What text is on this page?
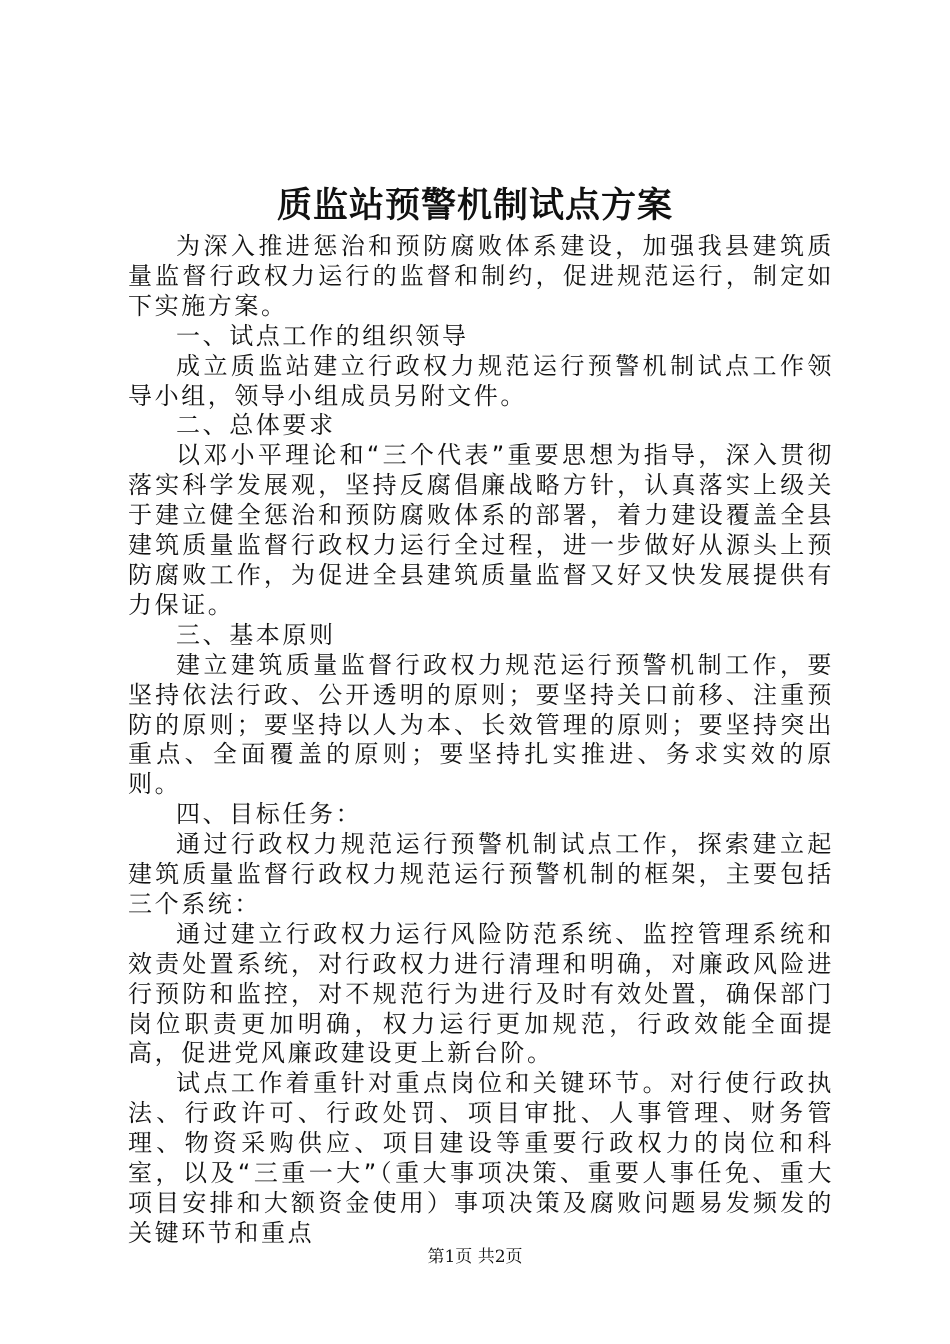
质监站预警机制试点方案

为深入推进惩治和预防腐败体系建设，加强我县建筑质量监督行政权力运行的监督和制约，促进规范运行，制定如下实施方案。

一、试点工作的组织领导

成立质监站建立行政权力规范运行预警机制试点工作领导小组，领导小组成员另附文件。

二、总体要求

以邓小平理论和“三个代表”重要思想为指导，深入贯彻落实科学发展观，坚持反腐倡廉战略方针，认真落实上级关于建立健全惩治和预防腐败体系的部署，着力建设覆盖全县建筑质量监督行政权力运行全过程，进一步做好从源头上预防腐败工作，为促进全县建筑质量监督又好又快发展提供有力保证。

三、基本原则

建立建筑质量监督行政权力规范运行预警机制工作，要坚持依法行政、公开透明的原则；要坚持关口前移、注重预防的原则；要坚持以人为本、长效管理的原则；要坚持突出重点、全面覆盖的原则；要坚持扎实推进、务求实效的原则。

四、目标任务：

通过行政权力规范运行预警机制试点工作，探索建立起建筑质量监督行政权力规范运行预警机制的框架，主要包括三个系统：

通过建立行政权力运行风险防范系统、监控管理系统和效责处置系统，对行政权力进行清理和明确，对廉政风险进行预防和监控，对不规范行为进行及时有效处置，确保部门岗位职责更加明确，权力运行更加规范，行政效能全面提高，促进党风廉政建设更上新台阶。

试点工作着重针对重点岗位和关键环节。对行使行政执法、行政许可、行政处罚、项目审批、人事管理、财务管理、物资采购供应、项目建设等重要行政权力的岗位和科室，以及“三重一大”（重大事项决策、重要人事任免、重大项目安排和大额资金使用）事项决策及腐败问题易发频发的关键环节和重点

第1页 共2页
